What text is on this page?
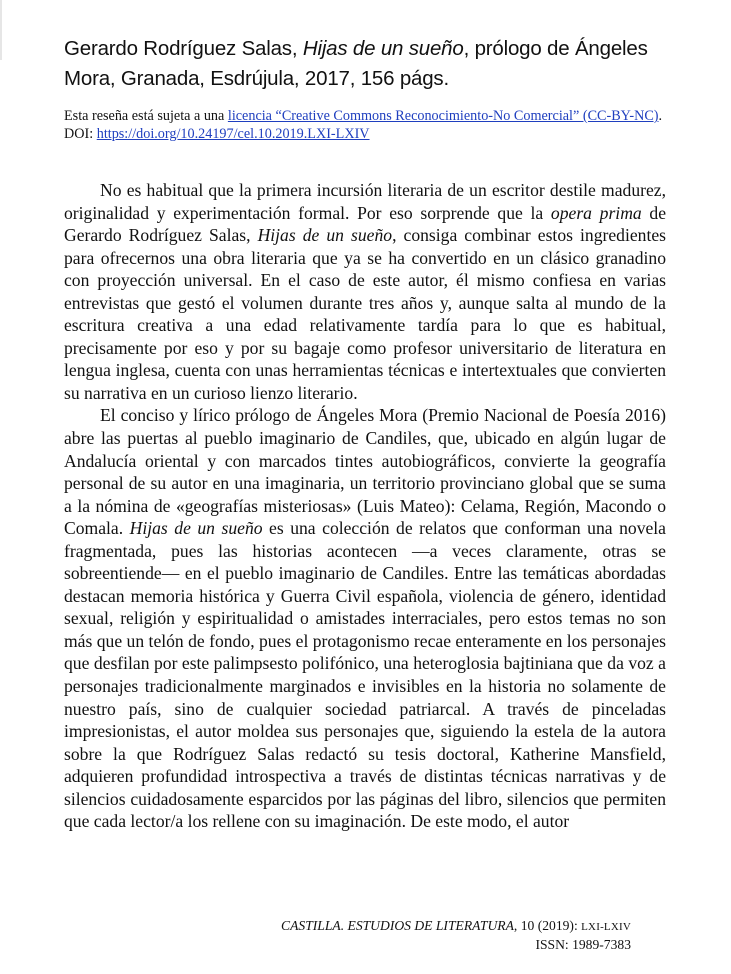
Gerardo Rodríguez Salas, Hijas de un sueño, prólogo de Ángeles
Mora, Granada, Esdrújula, 2017, 156 págs.
Esta reseña está sujeta a una licencia “Creative Commons Reconocimiento-No Comercial” (CC-BY-NC).
DOI: https://doi.org/10.24197/cel.10.2019.LXI-LXIV

No es habitual que la primera incursión literaria de un escritor destile madurez, originalidad y experimentación formal. Por eso sorprende que la opera prima de Gerardo Rodríguez Salas, Hijas de un sueño, consiga combinar estos ingredientes para ofrecernos una obra literaria que ya se ha convertido en un clásico granadino con proyección universal. En el caso de este autor, él mismo confiesa en varias entrevistas que gestó el volumen durante tres años y, aunque salta al mundo de la escritura creativa a una edad relativamente tardía para lo que es habitual, precisamente por eso y por su bagaje como profesor universitario de literatura en lengua inglesa, cuenta con unas herramientas técnicas e intertextuales que convierten su narrativa en un curioso lienzo literario.

El conciso y lírico prólogo de Ángeles Mora (Premio Nacional de Poesía 2016) abre las puertas al pueblo imaginario de Candiles, que, ubicado en algún lugar de Andalucía oriental y con marcados tintes autobiográficos, convierte la geografía personal de su autor en una imaginaria, un territorio provinciano global que se suma a la nómina de «geografías misteriosas» (Luis Mateo): Celama, Región, Macondo o Comala. Hijas de un sueño es una colección de relatos que conforman una novela fragmentada, pues las historias acontecen —a veces claramente, otras se sobreentiende— en el pueblo imaginario de Candiles. Entre las temáticas abordadas destacan memoria histórica y Guerra Civil española, violencia de género, identidad sexual, religión y espiritualidad o amistades interraciales, pero estos temas no son más que un telón de fondo, pues el protagonismo recae enteramente en los personajes que desfilan por este palimpsesto polifónico, una heteroglosia bajtiniana que da voz a personajes tradicionalmente marginados e invisibles en la historia no solamente de nuestro país, sino de cualquier sociedad patriarcal. A través de pinceladas impresionistas, el autor moldea sus personajes que, siguiendo la estela de la autora sobre la que Rodríguez Salas redactó su tesis doctoral, Katherine Mansfield, adquieren profundidad introspectiva a través de distintas técnicas narrativas y de silencios cuidadosamente esparcidos por las páginas del libro, silencios que permiten que cada lector/a los rellene con su imaginación. De este modo, el autor

CASTILLA. ESTUDIOS DE LITERATURA, 10 (2019): LXI-LXIV
ISSN: 1989-7383
